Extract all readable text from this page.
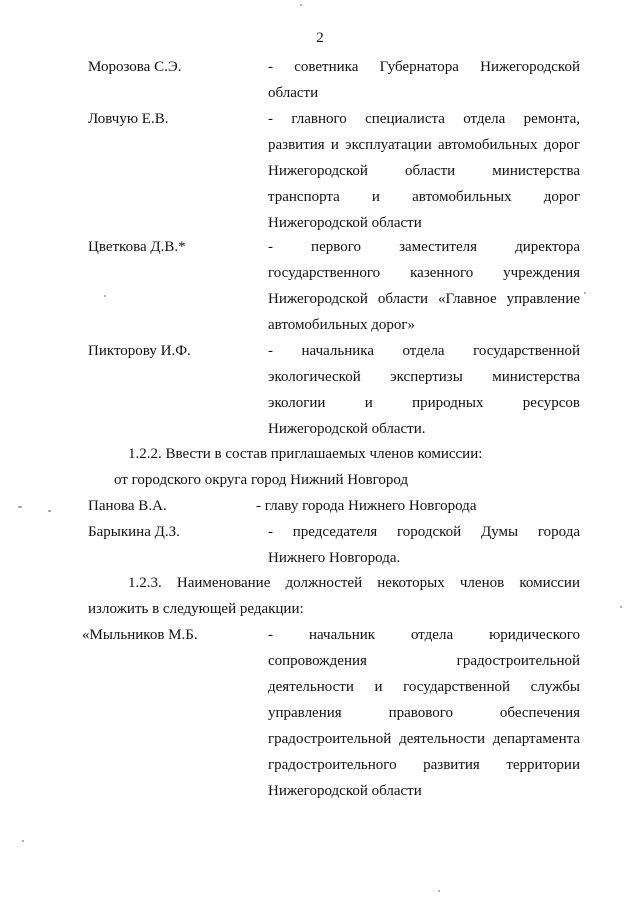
2
Морозова С.Э.	- советника Губернатора Нижегородской
области
Ловчую Е.В.	- главного специалиста отдела ремонта,
развития и эксплуатации автомобильных дорог
Нижегородской области министерства
транспорта и автомобильных дорог
Нижегородской области
Цветкова Д.В.*	- первого заместителя директора
государственного казенного учреждения
Нижегородской области «Главное управление
автомобильных дорог»
Пикторову И.Ф.	- начальника отдела государственной
экологической экспертизы министерства
экологии и природных ресурсов
Нижегородской области.
1.2.2. Ввести в состав приглашаемых членов комиссии:
от городского округа город Нижний Новгород
Панова В.А.	- главу города Нижнего Новгорода
Барыкина Д.З.	- председателя городской Думы города
Нижнего Новгорода.
1.2.3. Наименование должностей некоторых членов комиссии
изложить в следующей редакции:
«Мыльников М.Б.	- начальник отдела юридического
сопровождения градостроительной
деятельности и государственной службы
управления правового обеспечения
градостроительной деятельности департамента
градостроительного развития территории
Нижегородской области
